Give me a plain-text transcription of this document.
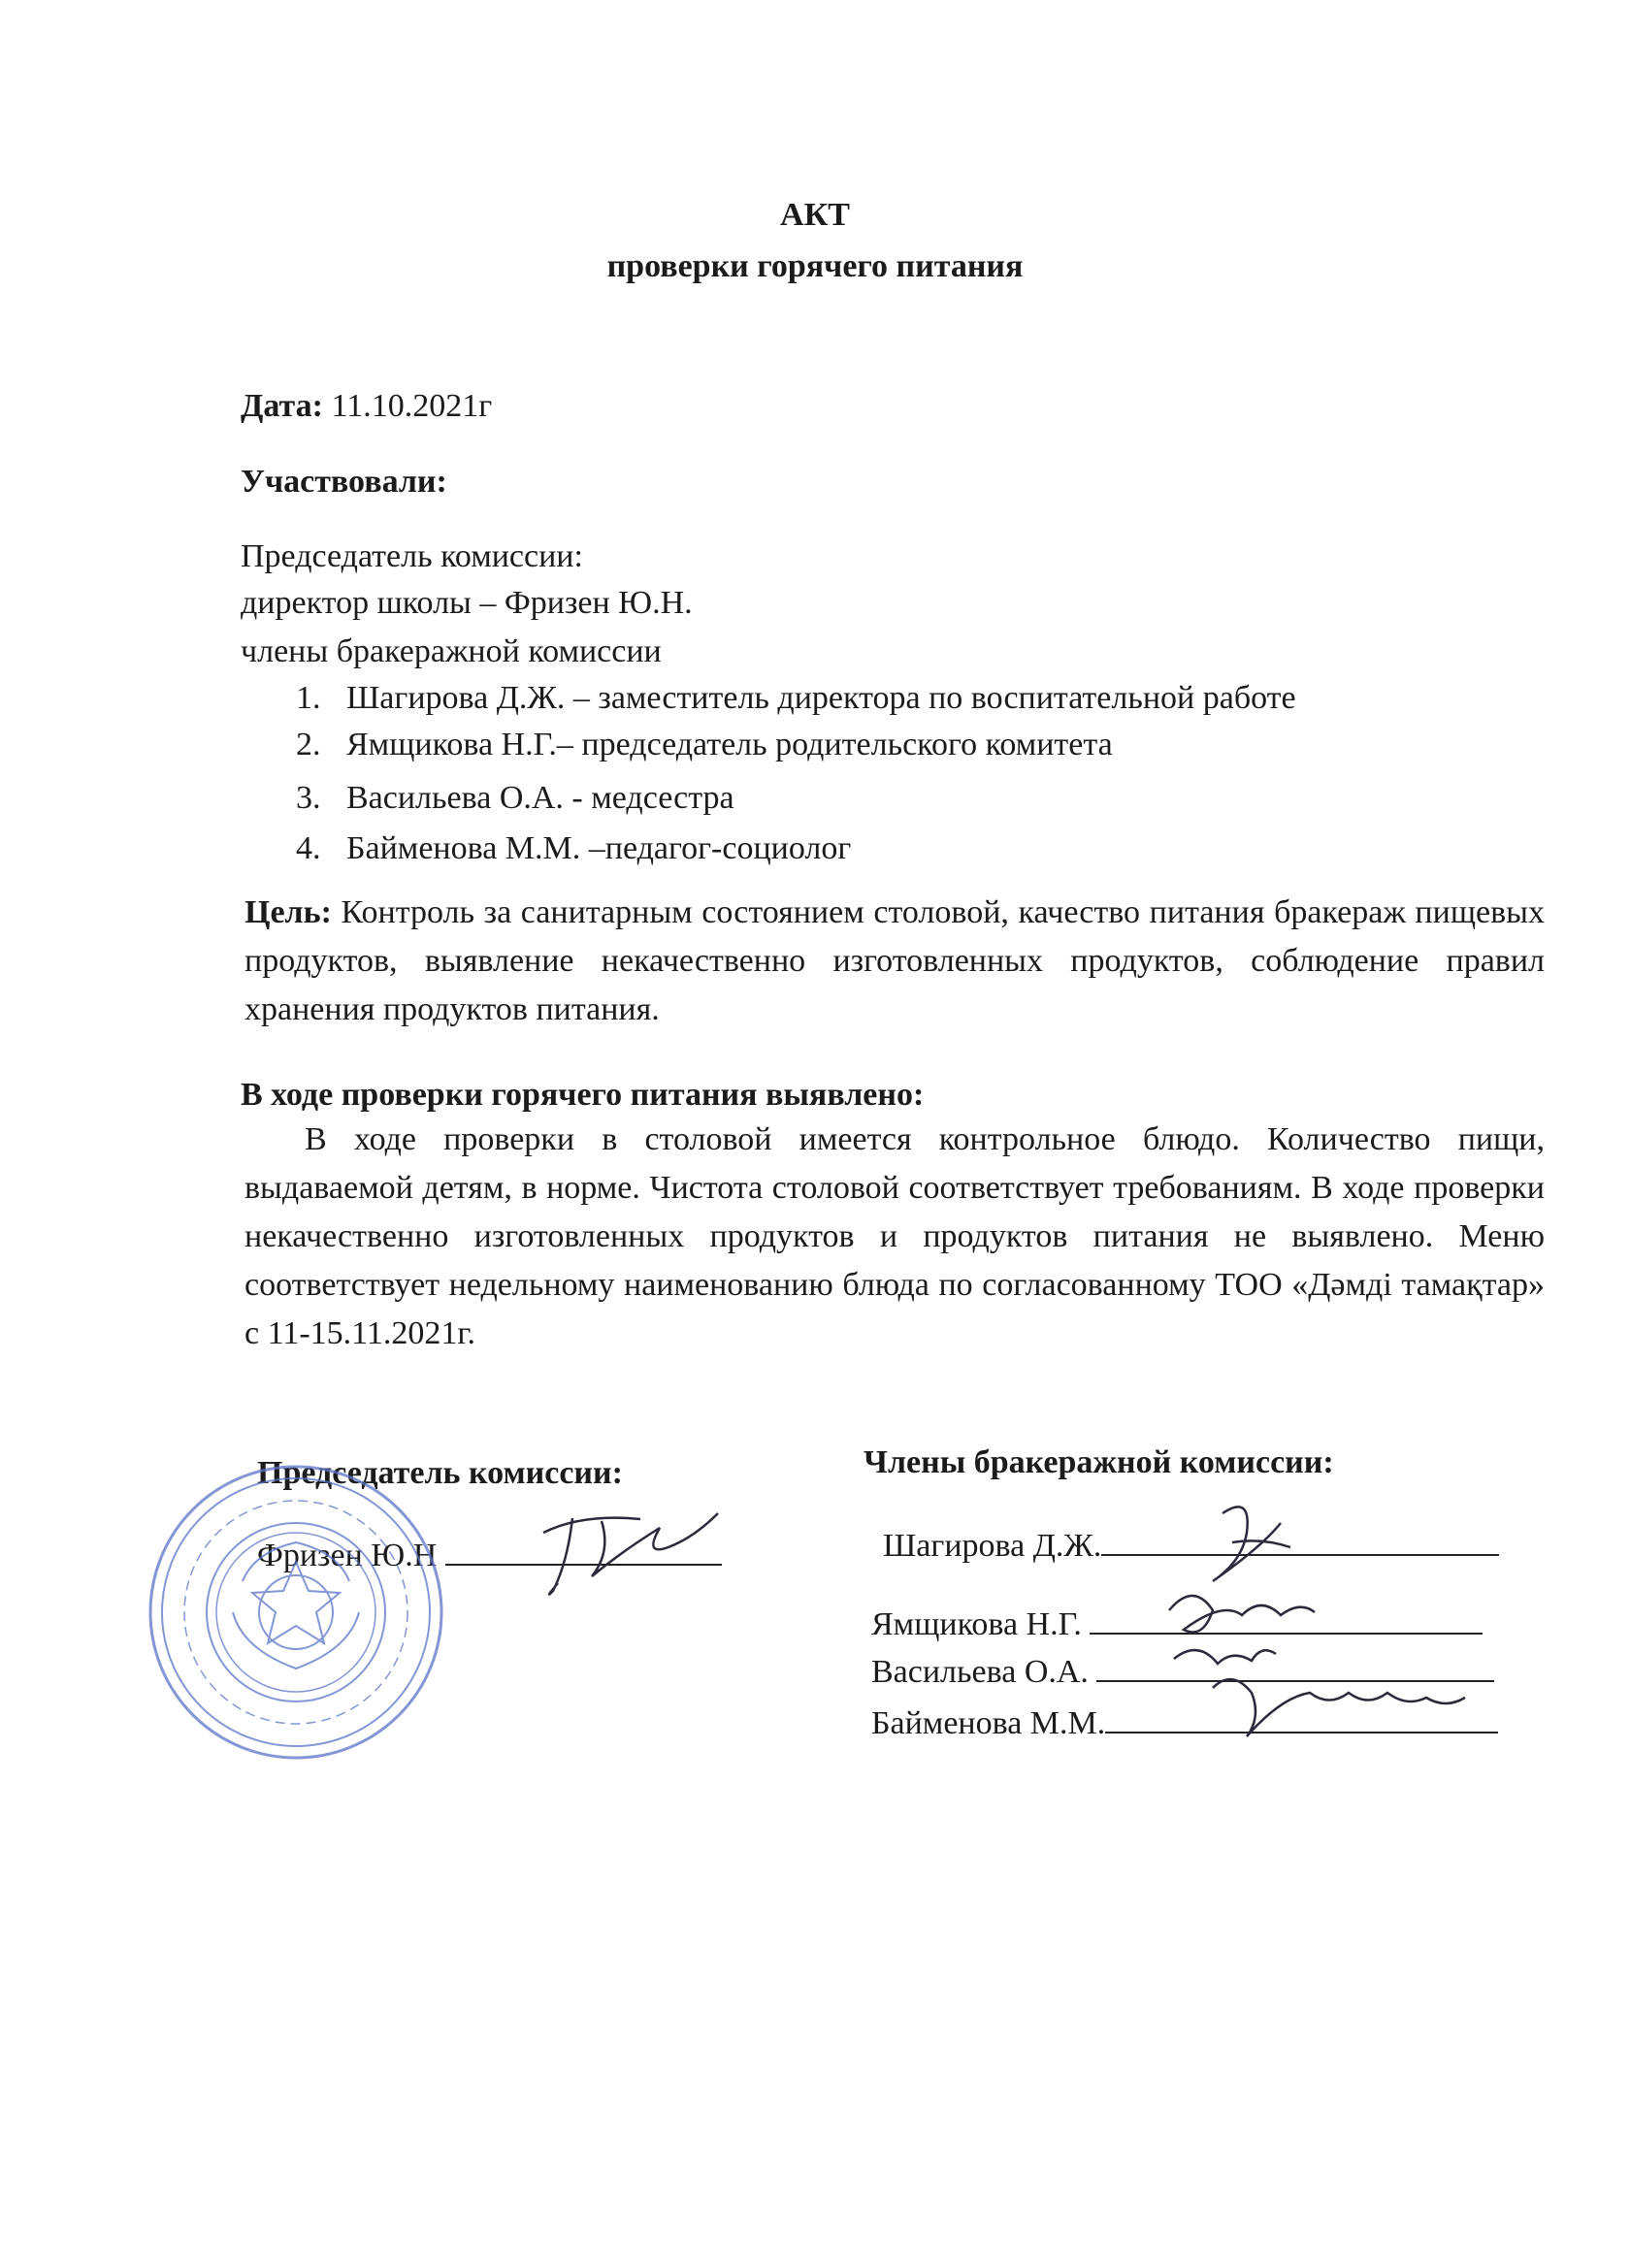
АКТ
проверки горячего питания
Дата: 11.10.2021г
Участвовали:
Председатель комиссии:
директор школы – Фризен Ю.Н.
члены бракеражной комиссии
1. Шагирова Д.Ж. – заместитель директора по воспитательной работе
2. Ямщикова Н.Г.– председатель родительского комитета
3. Васильева О.А. - медсестра
4. Байменова М.М. –педагог-социолог

Цель: Контроль за санитарным состоянием столовой, качество питания бракераж пищевых продуктов, выявление некачественно изготовленных продуктов, соблюдение правил хранения продуктов питания.

В ходе проверки горячего питания выявлено:

В ходе проверки в столовой имеется контрольное блюдо. Количество пищи, выдаваемой детям, в норме. Чистота столовой соответствует требованиям. В ходе проверки некачественно изготовленных продуктов и продуктов питания не выявлено. Меню соответствует недельному наименованию блюда по согласованному ТОО «Дәмді тамақтар» с 11-15.11.2021г.

Председатель комиссии:
Фризен Ю.Н
Члены бракеражной комиссии:
Шагирова Д.Ж.
Ямщикова Н.Г.
Васильева О.А.
Байменова М.М.
